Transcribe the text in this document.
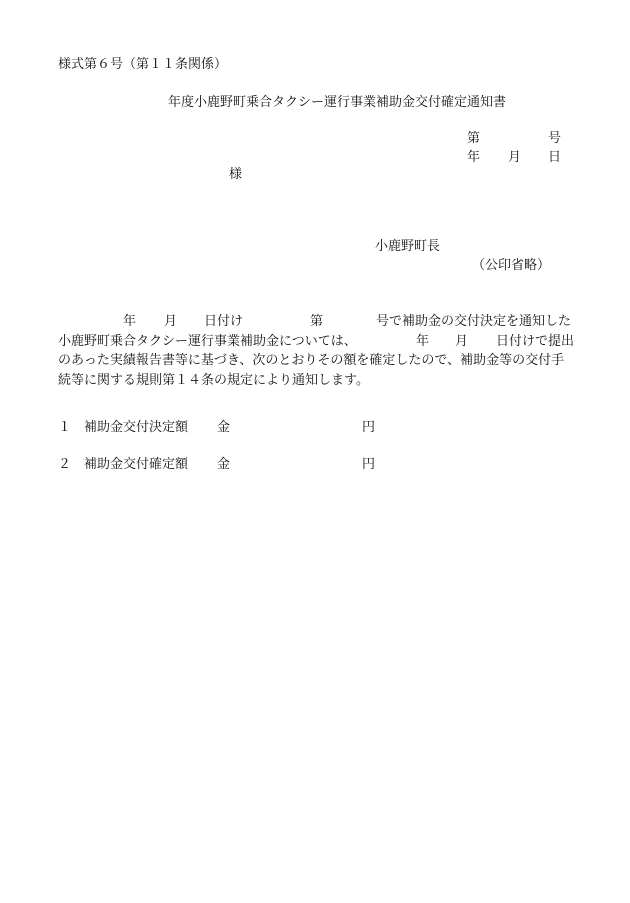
様式第６号（第１１条関係）
年度小鹿野町乗合タクシー運行事業補助金交付確定通知書
第	号
年 月 日
様
小鹿野町長
（公印省略）
年 月 日付け	第	号で補助金の交付決定を通知した
小鹿野町乗合タクシー運行事業補助金については、	年 月 日付けで提出
のあった実績報告書等に基づき、次のとおりその額を確定したので、補助金等の交付手
続等に関する規則第１４条の規定により通知します。
１ 補助金交付決定額 金	円
２ 補助金交付確定額 金	円
